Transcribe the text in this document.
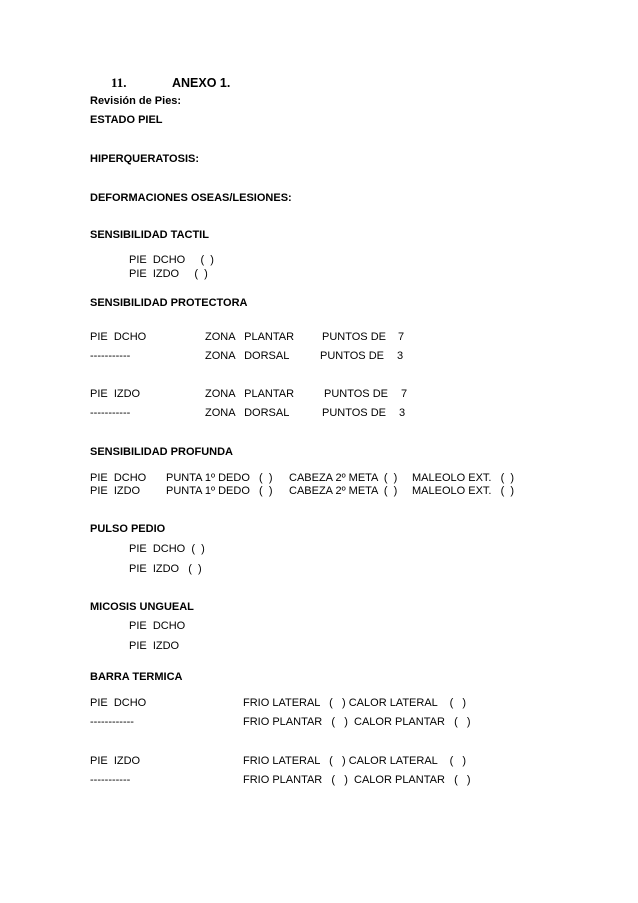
11.	ANEXO 1.
Revisión de Pies:
ESTADO PIEL
HIPERQUERATOSIS:
DEFORMACIONES OSEAS/LESIONES:
SENSIBILIDAD TACTIL
PIE  DCHO     (  )
PIE  IZDO     (  )
SENSIBILIDAD PROTECTORA
PIE  DCHO	ZONA   PLANTAR	PUNTOS DE 7
-----------	ZONA   DORSAL	PUNTOS DE 3
PIE  IZDO	ZONA   PLANTAR	PUNTOS DE 7
-----------	ZONA   DORSAL	PUNTOS DE 3
SENSIBILIDAD PROFUNDA
PIE  DCHO PUNTA 1º DEDO   (  ) CABEZA 2º META  (  ) MALEOLO EXT.   (  )
PIE  IZDO PUNTA 1º DEDO   (  ) CABEZA 2º META  (  ) MALEOLO EXT.   (  )
PULSO PEDIO
PIE  DCHO  (  )
PIE  IZDO   (  )
MICOSIS UNGUEAL
PIE  DCHO
PIE  IZDO
BARRA TERMICA
PIE  DCHO	FRIO LATERAL   (   ) CALOR LATERAL    (   )
------------	FRIO PLANTAR   (   )  CALOR PLANTAR   (   )
PIE  IZDO	FRIO LATERAL   (   ) CALOR LATERAL    (   )
-----------	FRIO PLANTAR   (   )  CALOR PLANTAR   (   )
